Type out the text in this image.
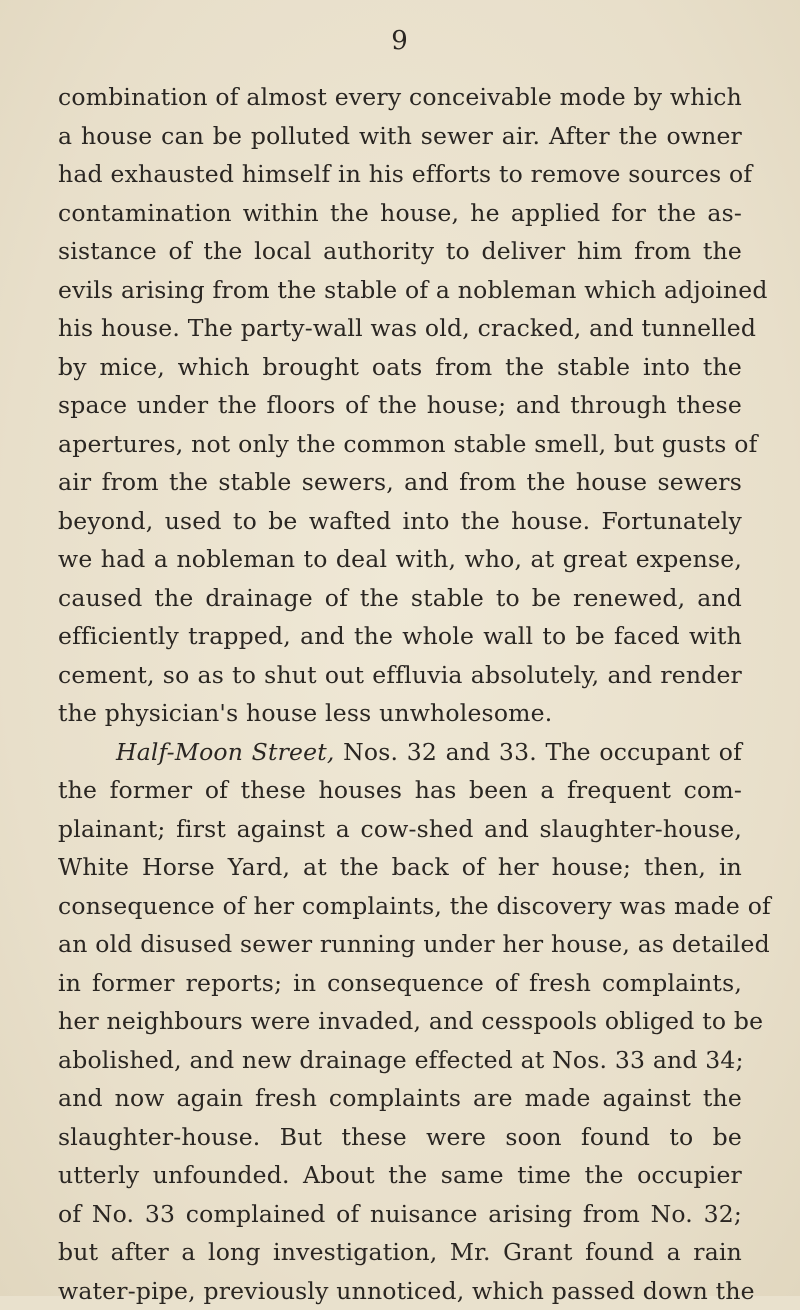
9
combination of almost every conceivable mode by which
a house can be polluted with sewer air. After the owner
had exhausted himself in his efforts to remove sources of
contamination within the house, he applied for the as-
sistance of the local authority to deliver him from the
evils arising from the stable of a nobleman which adjoined
his house. The party-wall was old, cracked, and tunnelled
by mice, which brought oats from the stable into the
space under the floors of the house; and through these
apertures, not only the common stable smell, but gusts of
air from the stable sewers, and from the house sewers
beyond, used to be wafted into the house. Fortunately
we had a nobleman to deal with, who, at great expense,
caused the drainage of the stable to be renewed, and
efficiently trapped, and the whole wall to be faced with
cement, so as to shut out effluvia absolutely, and render
the physician's house less unwholesome.
Half-Moon Street, Nos. 32 and 33. The occupant of
the former of these houses has been a frequent com-
plainant; first against a cow-shed and slaughter-house,
White Horse Yard, at the back of her house; then, in
consequence of her complaints, the discovery was made of
an old disused sewer running under her house, as detailed
in former reports; in consequence of fresh complaints,
her neighbours were invaded, and cesspools obliged to be
abolished, and new drainage effected at Nos. 33 and 34;
and now again fresh complaints are made against the
slaughter-house. But these were soon found to be
utterly unfounded. About the same time the occupier
of No. 33 complained of nuisance arising from No. 32;
but after a long investigation, Mr. Grant found a rain
water-pipe, previously unnoticed, which passed down the
